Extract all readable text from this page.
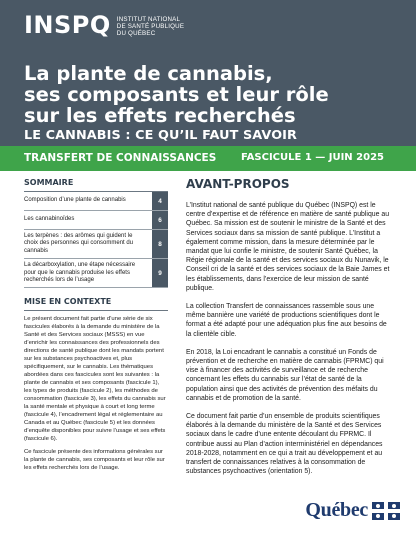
INSPQ INSTITUT NATIONAL
DE SANTÉ PUBLIQUE
DU QUÉBEC
La plante de cannabis,
ses composants et leur rôle
sur les effets recherchés
LE CANNABIS : CE QU’IL FAUT SAVOIR
TRANSFERT DE CONNAISSANCES FASCICULE 1 — JUIN 2025
SOMMAIRE
Composition d’une plante de cannabis	4
Les cannabinoïdes	6
Les terpènes : des arômes qui guident le choix des personnes qui consomment du cannabis
8
La décarboxylation, une étape nécessaire pour que le cannabis produise les effets recherchés lors de l’usage
9
MISE EN CONTEXTE

Le présent document fait partie d’une série de six fascicules élaborés à la demande du ministère de la Santé et des Services sociaux (MSSS) en vue d’enrichir les connaissances des professionnels des directions de santé publique dont les mandats portent sur les substances psychoactives et, plus spécifiquement, sur le cannabis. Les thématiques abordées dans ces fascicules sont les suivantes : la plante de cannabis et ses composants (fascicule 1), les types de produits (fascicule 2), les méthodes de consommation (fascicule 3), les effets du cannabis sur la santé mentale et physique à court et long terme (fascicule 4), l’encadrement légal et réglementaire au Canada et au Québec (fascicule 5) et les données d’enquête disponibles pour suivre l’usage et ses effets (fascicule 6).

Ce fascicule présente des informations générales sur la plante de cannabis, ses composants et leur rôle sur les effets recherchés lors de l’usage.

AVANT-PROPOS

L’Institut national de santé publique du Québec (INSPQ) est le centre d’expertise et de référence en matière de santé publique au Québec. Sa mission est de soutenir le ministre de la Santé et des Services sociaux dans sa mission de santé publique. L’Institut a également comme mission, dans la mesure déterminée par le mandat que lui confie le ministre, de soutenir Santé Québec, la Régie régionale de la santé et des services sociaux du Nunavik, le Conseil cri de la santé et des services sociaux de la Baie James et les établissements, dans l’exercice de leur mission de santé publique.

La collection Transfert de connaissances rassemble sous une même bannière une variété de productions scientifiques dont le format a été adapté pour une adéquation plus fine aux besoins de la clientèle cible.

En 2018, la Loi encadrant le cannabis a constitué un Fonds de prévention et de recherche en matière de cannabis (FPRMC) qui vise à financer des activités de surveillance et de recherche concernant les effets du cannabis sur l’état de santé de la population ainsi que des activités de prévention des méfaits du cannabis et de promotion de la santé.

Ce document fait partie d’un ensemble de produits scientifiques élaborés à la demande du ministère de la Santé et des Services sociaux dans le cadre d’une entente découlant du FPRMC. Il contribue aussi au Plan d’action interministériel en dépendances 2018-2028, notamment en ce qui a trait au développement et au transfert de connaissances relatives à la consommation de substances psychoactives (orientation 5).

Québec
